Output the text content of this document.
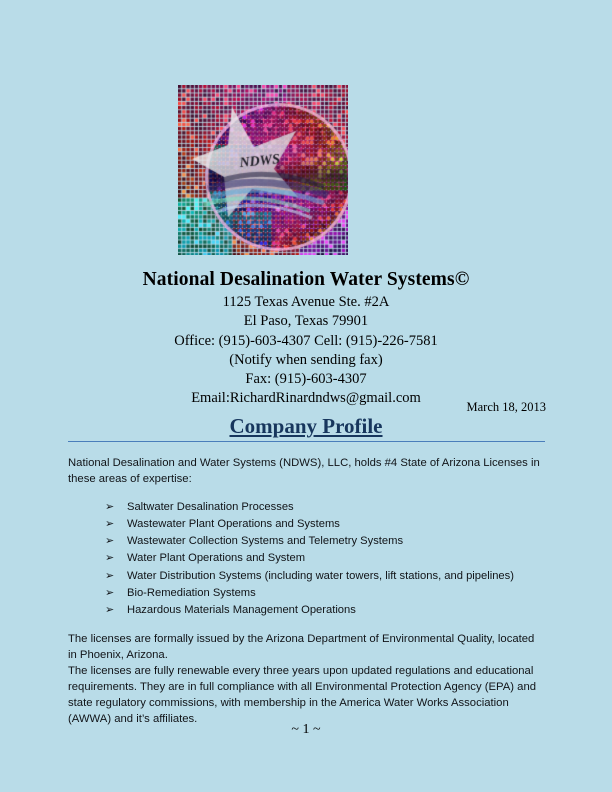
National Desalination Water Systems©
1125 Texas Avenue Ste. #2A
El Paso, Texas 79901
Office: (915)-603-4307 Cell: (915)-226-7581
(Notify when sending fax)
Fax: (915)-603-4307
Email:RichardRinardndws@gmail.com
March 18, 2013
Company Profile

National Desalination and Water Systems (NDWS), LLC, holds #4 State of Arizona Licenses in these areas of expertise:

➢ Saltwater Desalination Processes
➢ Wastewater Plant Operations and Systems
➢ Wastewater Collection Systems and Telemetry Systems
➢ Water Plant Operations and System
➢ Water Distribution Systems (including water towers, lift stations, and pipelines)
➢ Bio-Remediation Systems
➢ Hazardous Materials Management Operations

The licenses are formally issued by the Arizona Department of Environmental Quality, located in Phoenix, Arizona.

The licenses are fully renewable every three years upon updated regulations and educational requirements. They are in full compliance with all Environmental Protection Agency (EPA) and state regulatory commissions, with membership in the America Water Works Association (AWWA) and it’s affiliates.

~ 1 ~
